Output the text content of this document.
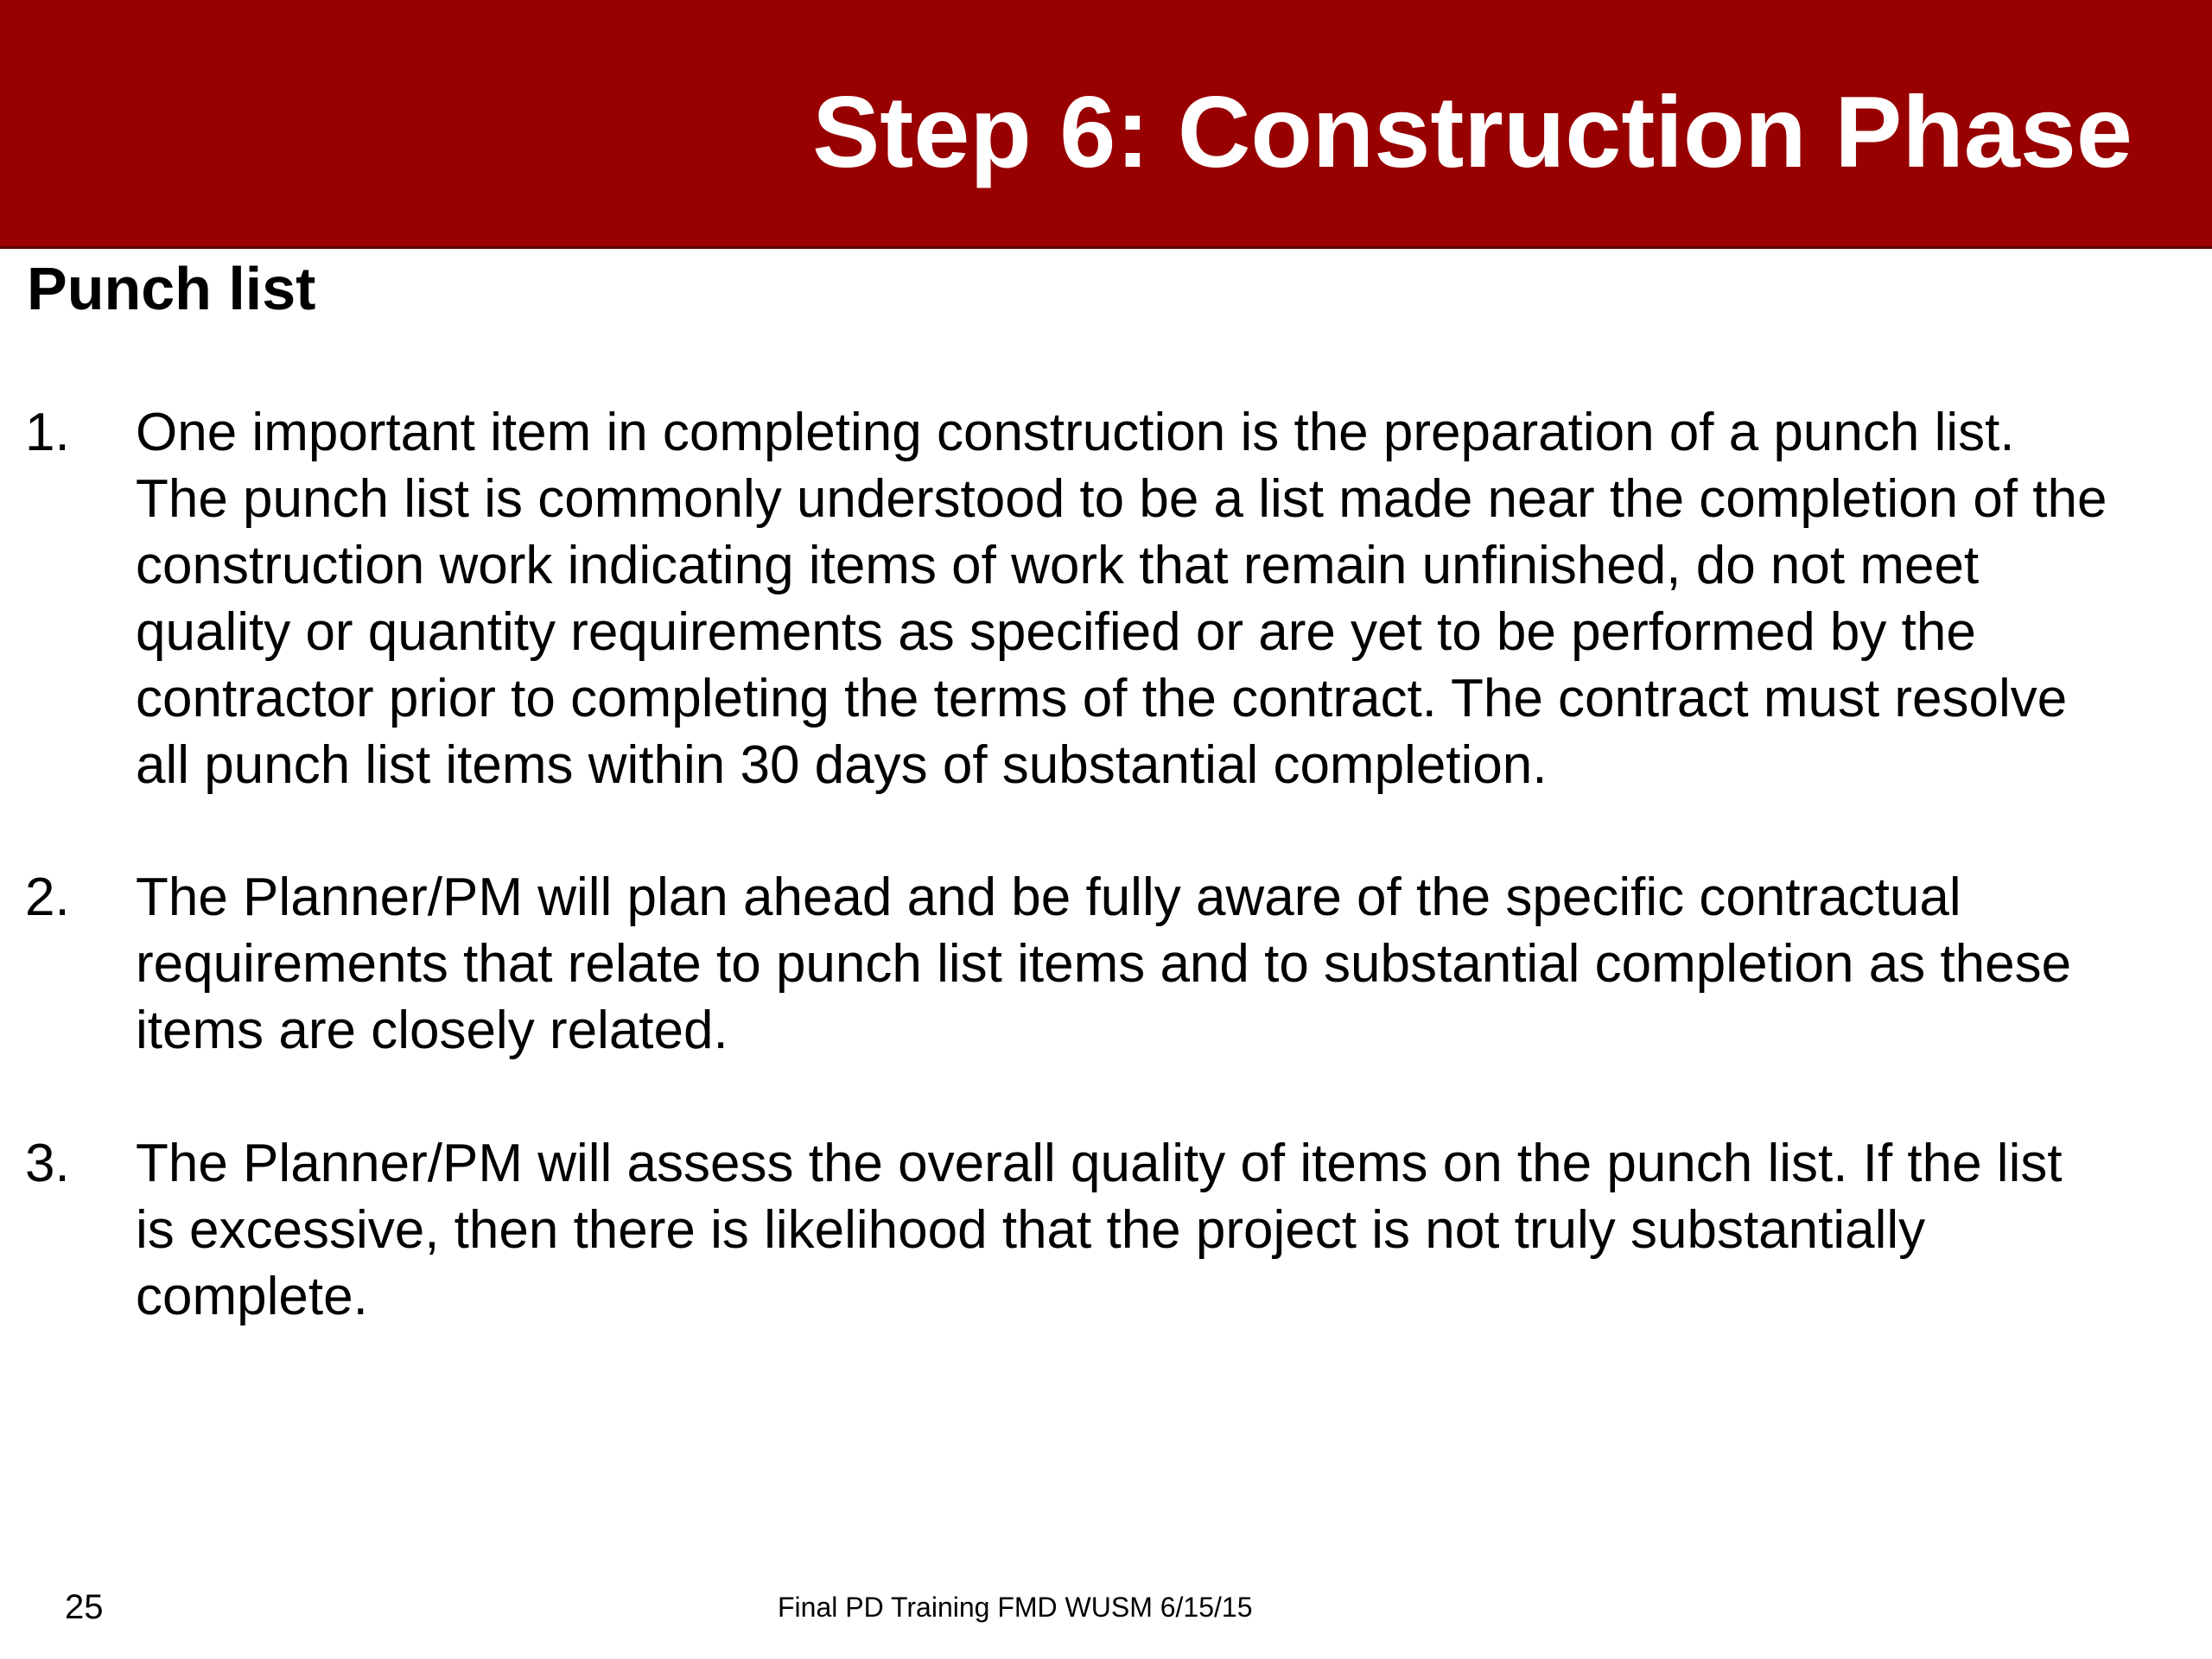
Step 6: Construction Phase
Punch list
1. One important item in completing construction is the preparation of a punch list.
The punch list is commonly understood to be a list made near the completion of the
construction work indicating items of work that remain unfinished, do not meet
quality or quantity requirements as specified or are yet to be performed by the
contractor prior to completing the terms of the contract. The contract must resolve
all punch list items within 30 days of substantial completion.
2. The Planner/PM will plan ahead and be fully aware of the specific contractual
requirements that relate to punch list items and to substantial completion as these
items are closely related.
3. The Planner/PM will assess the overall quality of items on the punch list. If the list
is excessive, then there is likelihood that the project is not truly substantially
complete.
25	Final PD Training FMD WUSM 6/15/15
